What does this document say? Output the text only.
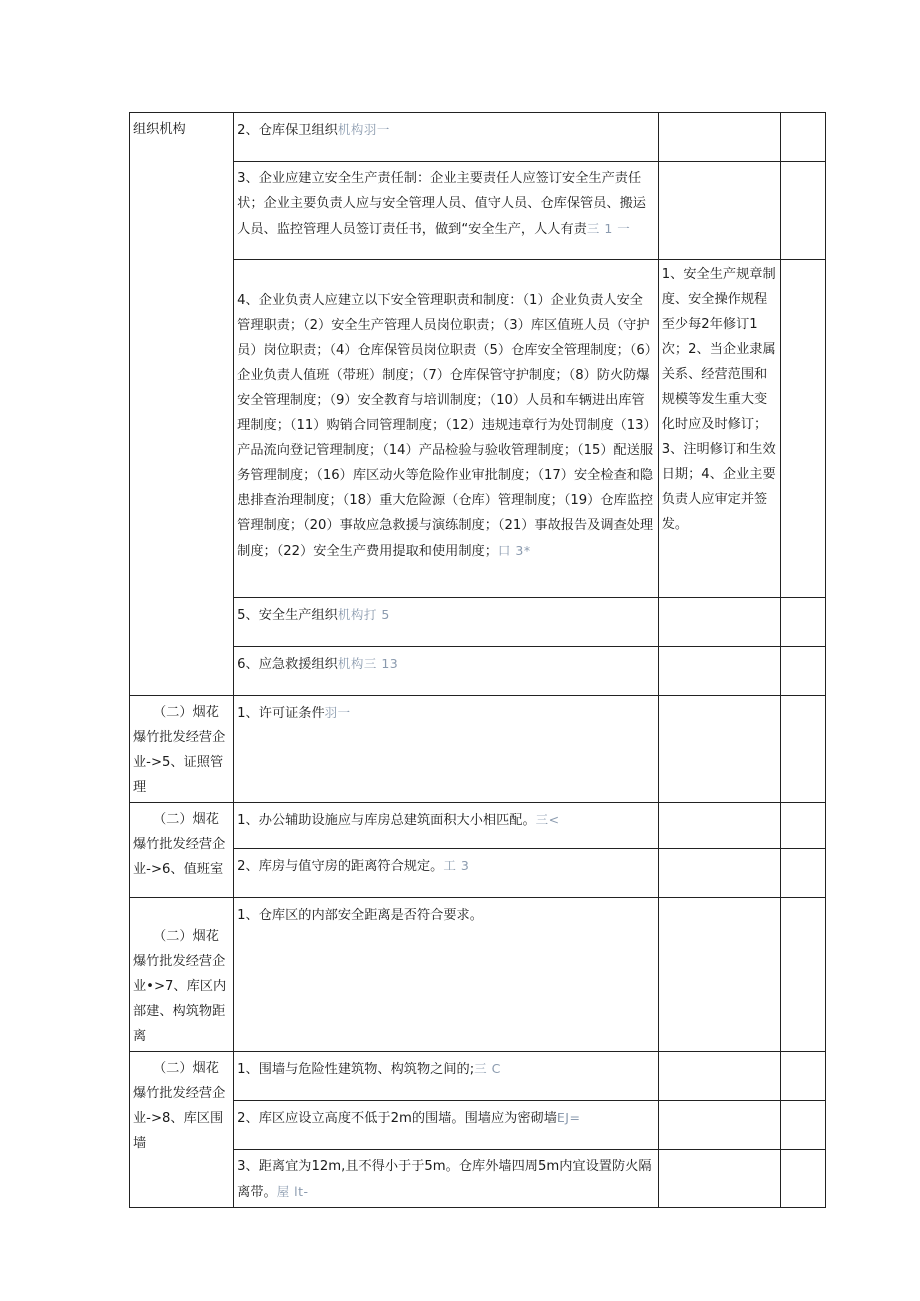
组织机构	2、仓库保卫组织机构羽一		
	3、企业应建立安全生产责任制：企业主要责任人应签订安全生产责任状；企业主要负责人应与安全管理人员、值守人员、仓库保管员、搬运人员、监控管理人员签订责任书，做到“安全生产，人人有责三 1 一		
	4、企业负责人应建立以下安全管理职责和制度：（1）企业负责人安全管理职责；（2）安全生产管理人员岗位职责；（3）库区值班人员（守护员）岗位职责；（4）仓库保管员岗位职责（5）仓库安全管理制度；（6）企业负责人值班（带班）制度；（7）仓库保管守护制度；（8）防火防爆安全管理制度；（9）安全教育与培训制度；（10）人员和车辆进出库管理制度；（11）购销合同管理制度；（12）违规违章行为处罚制度（13）产品流向登记管理制度；（14）产品检验与验收管理制度；（15）配送服务管理制度；（16）库区动火等危险作业审批制度；（17）安全检查和隐患排查治理制度；（18）重大危险源（仓库）管理制度；（19）仓库监控管理制度；（20）事故应急救援与演练制度；（21）事故报告及调查处理制度；（22）安全生产费用提取和使用制度；口 3*	1、安全生产规章制度、安全操作规程至少每2年修订1次；2、当企业隶属关系、经营范围和规模等发生重大变化时应及时修订；3、注明修订和生效日期；4、企业主要负责人应审定并签发。	
	5、安全生产组织机构打 5		
	6、应急救援组织机构三 13		
（二）烟花爆竹批发经营企业->5、证照管理	1、许可证条件羽一		
（二）烟花爆竹批发经营企业->6、值班室	1、办公辅助设施应与库房总建筑面积大小相匹配。三<		
	2、库房与值守房的距离符合规定。工 3		
（二）烟花爆竹批发经营企业•>7、库区内部建、构筑物距离	1、仓库区的内部安全距离是否符合要求。		
（二）烟花爆竹批发经营企业->8、库区围墙	1、围墙与危险性建筑物、构筑物之间的;三 C		
	2、库区应设立高度不低于2m的围墙。围墙应为密砌墙EJ=		
	3、距离宜为12m,且不得小于于5m。仓库外墙四周5m内宜设置防火隔离带。屋 lt-		
